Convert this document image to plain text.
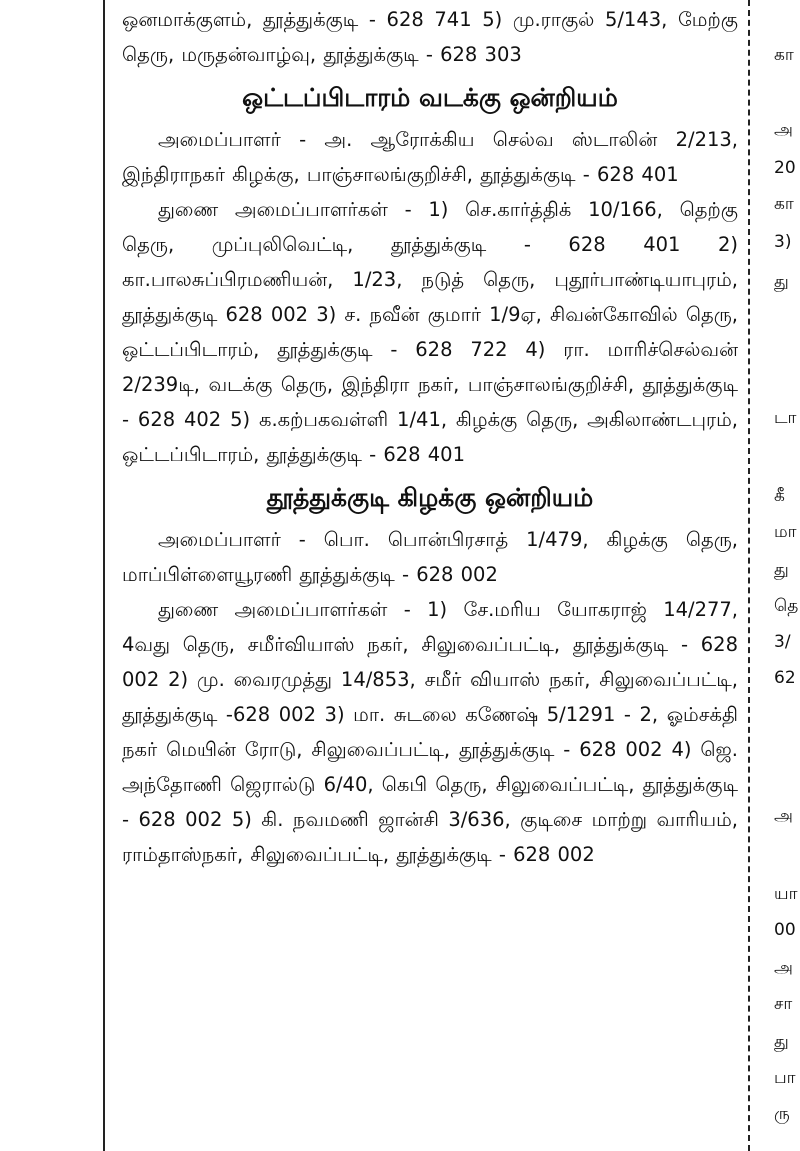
ஒனமாக்குளம், தூத்துக்குடி - 628 741 5) மு.ராகுல் 5/143, மேற்கு தெரு, மருதன்வாழ்வு, தூத்துக்குடி - 628 303

ஒட்டப்பிடாரம் வடக்கு ஒன்றியம்

அமைப்பாளர் - அ. ஆரோக்கிய செல்வ ஸ்டாலின் 2/213, இந்திராநகர் கிழக்கு, பாஞ்சாலங்குறிச்சி, தூத்துக்குடி - 628 401

துணை அமைப்பாளர்கள் - 1) செ.கார்த்திக் 10/166, தெற்கு தெரு, முப்புலிவெட்டி, தூத்துக்குடி - 628 401 2) கா.பாலசுப்பிரமணியன், 1/23, நடுத் தெரு, புதூர்பாண்டியாபுரம், தூத்துக்குடி 628 002 3) ச. நவீன் குமார் 1/9ஏ, சிவன்கோவில் தெரு, ஒட்டப்பிடாரம், தூத்துக்குடி - 628 722 4) ரா. மாரிச்செல்வன் 2/239டி, வடக்கு தெரு, இந்திரா நகர், பாஞ்சாலங்குறிச்சி, தூத்துக்குடி - 628 402 5) க.கற்பகவள்ளி 1/41, கிழக்கு தெரு, அகிலாண்டபுரம், ஒட்டப்பிடாரம், தூத்துக்குடி - 628 401

தூத்துக்குடி கிழக்கு ஒன்றியம்

அமைப்பாளர் - பொ. பொன்பிரசாத் 1/479, கிழக்கு தெரு, மாப்பிள்ளையூரணி தூத்துக்குடி - 628 002

துணை அமைப்பாளர்கள் - 1) சே.மரிய யோகராஜ் 14/277, 4வது தெரு, சமீர்வியாஸ் நகர், சிலுவைப்பட்டி, தூத்துக்குடி - 628 002 2) மு. வைரமுத்து 14/853, சமீர் வியாஸ் நகர், சிலுவைப்பட்டி, தூத்துக்குடி -628 002 3) மா. சுடலை கணேஷ் 5/1291 - 2, ஓம்சக்தி நகர் மெயின் ரோடு, சிலுவைப்பட்டி, தூத்துக்குடி - 628 002 4) ஜெ. அந்தோணி ஜெரால்டு 6/40, கெபி தெரு, சிலுவைப்பட்டி, தூத்துக்குடி - 628 002 5) கி. நவமணி ஜான்சி 3/636, குடிசை மாற்று வாரியம், ராம்தாஸ்நகர், சிலுவைப்பட்டி, தூத்துக்குடி - 628 002

கா
அ
20
கா
3)
து
டா
கீ
மா
து
தெ
3/
62
அ
யா
00
அ
சா
து
பா
ரு
